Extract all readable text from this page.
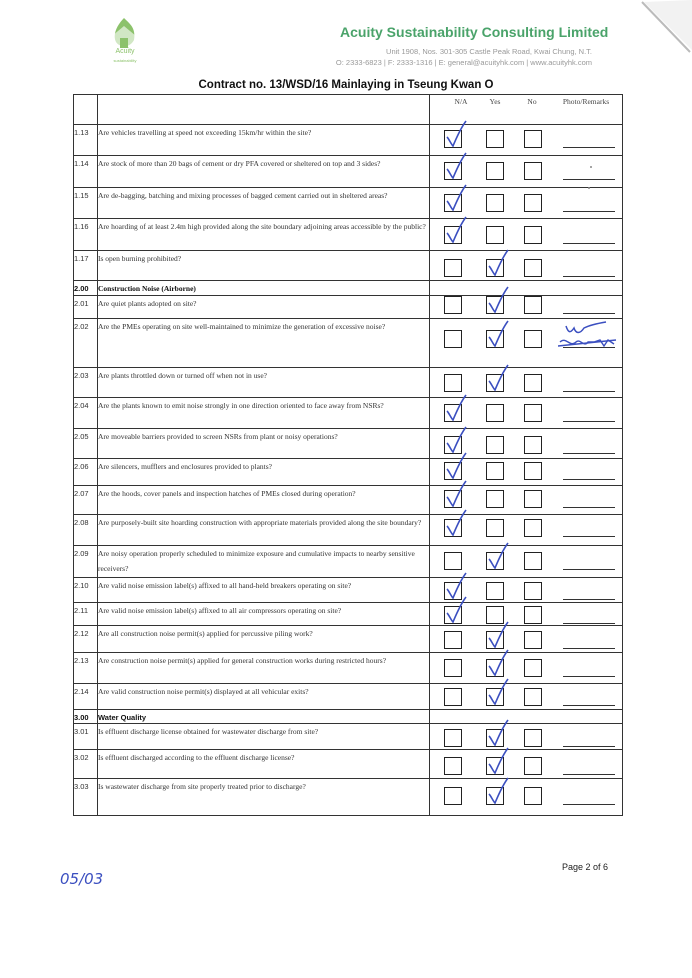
Acuity
sustainability
Acuity Sustainability Consulting Limited
Unit 1908, Nos. 301-305 Castle Peak Road, Kwai Chung, N.T.
O: 2333-6823 | F: 2333-1316 | E: general@acuityhk.com | www.acuityhk.com
Contract no. 13/WSD/16 Mainlaying in Tseung Kwan O
N/A	Yes	No	Photo/Remarks
1.13	Are vehicles travelling at speed not exceeding 15km/hr within the site?
1.14	Are stock of more than 20 bags of cement or dry PFA covered or sheltered on top and 3 sides?
1.15	Are de-bagging, batching and mixing processes of bagged cement carried out in sheltered areas?
1.16	Are hoarding of at least 2.4m high provided along the site boundary adjoining areas accessible by the public?
1.17	Is open burning prohibited?
2.00	Construction Noise (Airborne)
2.01	Are quiet plants adopted on site?
2.02	Are the PMEs operating on site well-maintained to minimize the generation of excessive noise?
2.03	Are plants throttled down or turned off when not in use?
2.04	Are the plants known to emit noise strongly in one direction oriented to face away from NSRs?
2.05	Are moveable barriers provided to screen NSRs from plant or noisy operations?
2.06	Are silencers, mufflers and enclosures provided to plants?
2.07	Are the hoods, cover panels and inspection hatches of PMEs closed during operation?
2.08	Are purposely-built site hoarding construction with appropriate materials provided along the site boundary?
2.09	Are noisy operation properly scheduled to minimize exposure and cumulative impacts to nearby sensitive receivers?
2.10	Are valid noise emission label(s) affixed to all hand-held breakers operating on site?
2.11	Are valid noise emission label(s) affixed to all air compressors operating on site?
2.12	Are all construction noise permit(s) applied for percussive piling work?
2.13	Are construction noise permit(s) applied for general construction works during restricted hours?
2.14	Are valid construction noise permit(s) displayed at all vehicular exits?
3.00	Water Quality
3.01	Is effluent discharge license obtained for wastewater discharge from site?
3.02	Is effluent discharged according to the effluent discharge license?
3.03	Is wastewater discharge from site properly treated prior to discharge?
Page 2 of 6
05/03
